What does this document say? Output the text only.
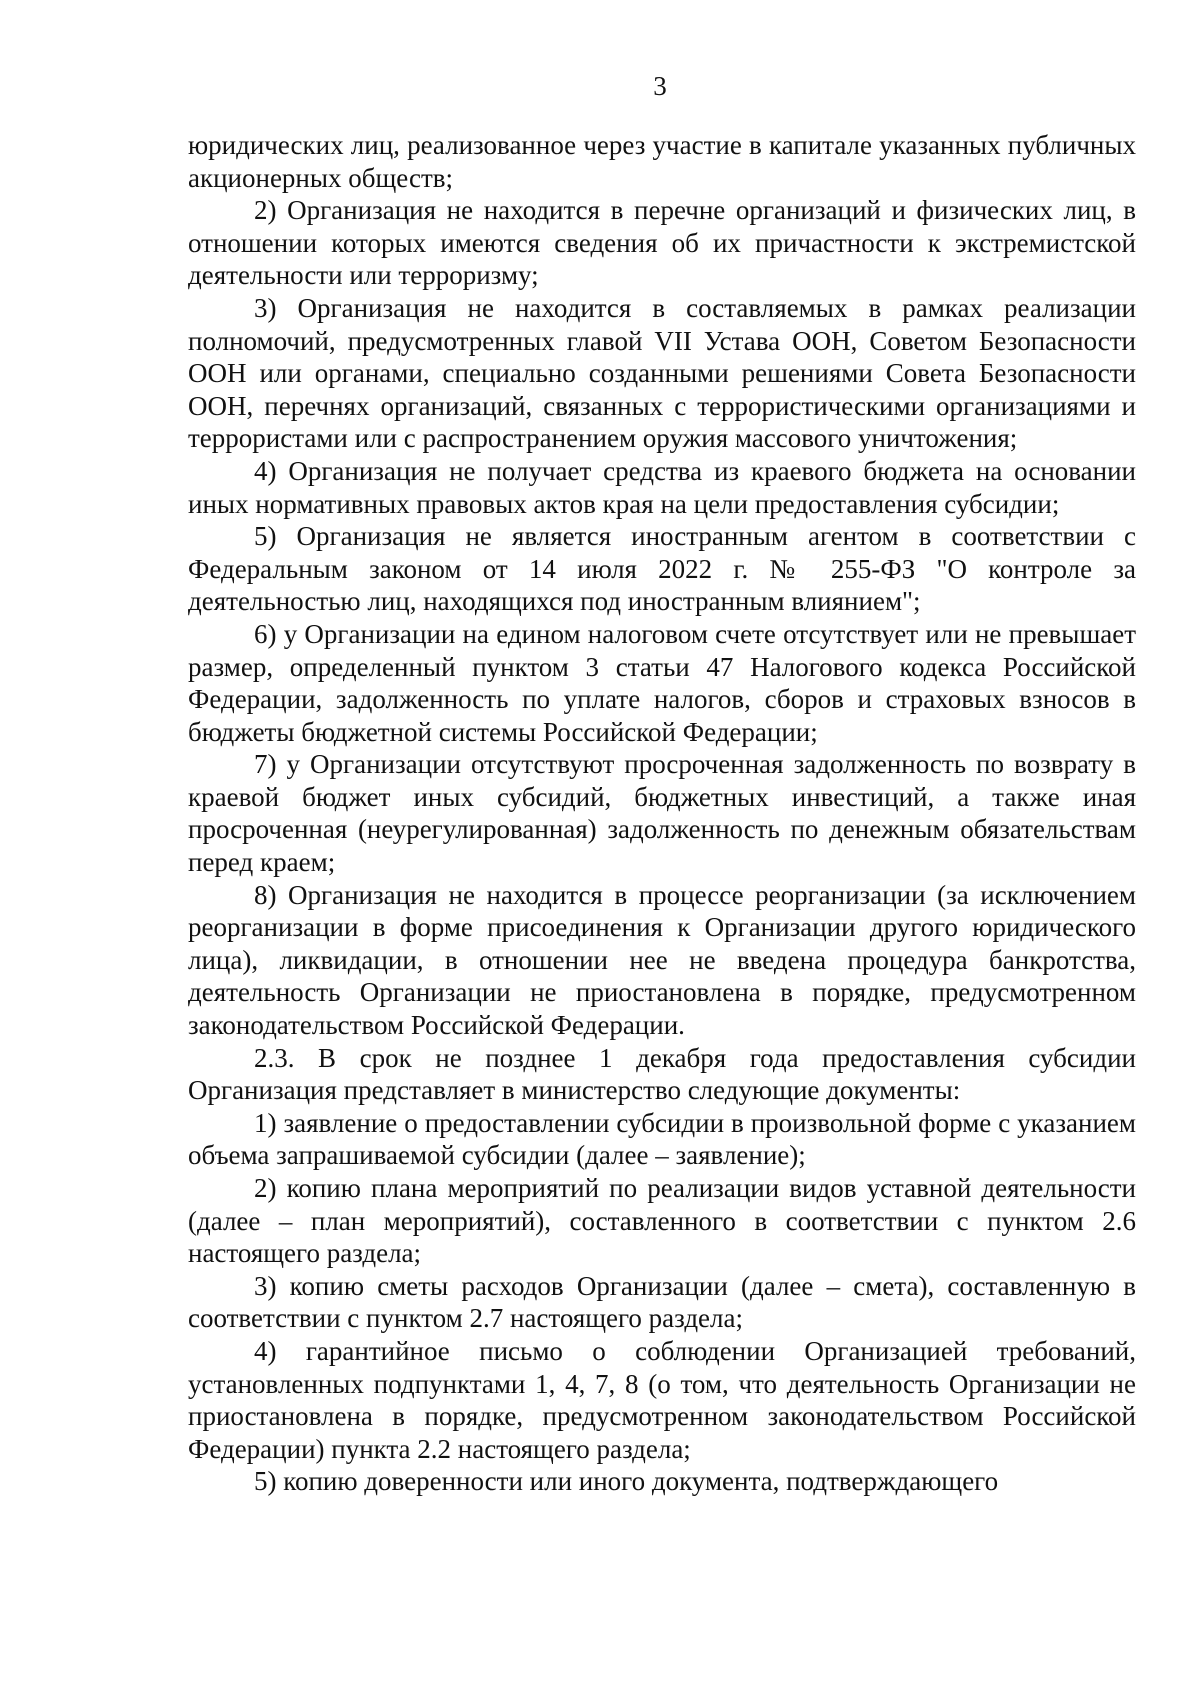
3

юридических лиц, реализованное через участие в капитале указанных публичных акционерных обществ;

2) Организация не находится в перечне организаций и физических лиц, в отношении которых имеются сведения об их причастности к экстремистской деятельности или терроризму;

3) Организация не находится в составляемых в рамках реализации полномочий, предусмотренных главой VII Устава ООН, Советом Безопасности ООН или органами, специально созданными решениями Совета Безопасности ООН, перечнях организаций, связанных с террористическими организациями и террористами или с распространением оружия массового уничтожения;

4) Организация не получает средства из краевого бюджета на основании иных нормативных правовых актов края на цели предоставления субсидии;

5) Организация не является иностранным агентом в соответствии с Федеральным законом от 14 июля 2022 г. № 255-ФЗ "О контроле за деятельностью лиц, находящихся под иностранным влиянием";

6) у Организации на едином налоговом счете отсутствует или не превышает размер, определенный пунктом 3 статьи 47 Налогового кодекса Российской Федерации, задолженность по уплате налогов, сборов и страховых взносов в бюджеты бюджетной системы Российской Федерации;

7) у Организации отсутствуют просроченная задолженность по возврату в краевой бюджет иных субсидий, бюджетных инвестиций, а также иная просроченная (неурегулированная) задолженность по денежным обязательствам перед краем;

8) Организация не находится в процессе реорганизации (за исключением реорганизации в форме присоединения к Организации другого юридического лица), ликвидации, в отношении нее не введена процедура банкротства, деятельность Организации не приостановлена в порядке, предусмотренном законодательством Российской Федерации.

2.3. В срок не позднее 1 декабря года предоставления субсидии Организация представляет в министерство следующие документы:

1) заявление о предоставлении субсидии в произвольной форме с указанием объема запрашиваемой субсидии (далее – заявление);

2) копию плана мероприятий по реализации видов уставной деятельности (далее – план мероприятий), составленного в соответствии с пунктом 2.6 настоящего раздела;

3) копию сметы расходов Организации (далее – смета), составленную в соответствии с пунктом 2.7 настоящего раздела;

4) гарантийное письмо о соблюдении Организацией требований, установленных подпунктами 1, 4, 7, 8 (о том, что деятельность Организации не приостановлена в порядке, предусмотренном законодательством Российской Федерации) пункта 2.2 настоящего раздела;

5) копию доверенности или иного документа, подтверждающего
